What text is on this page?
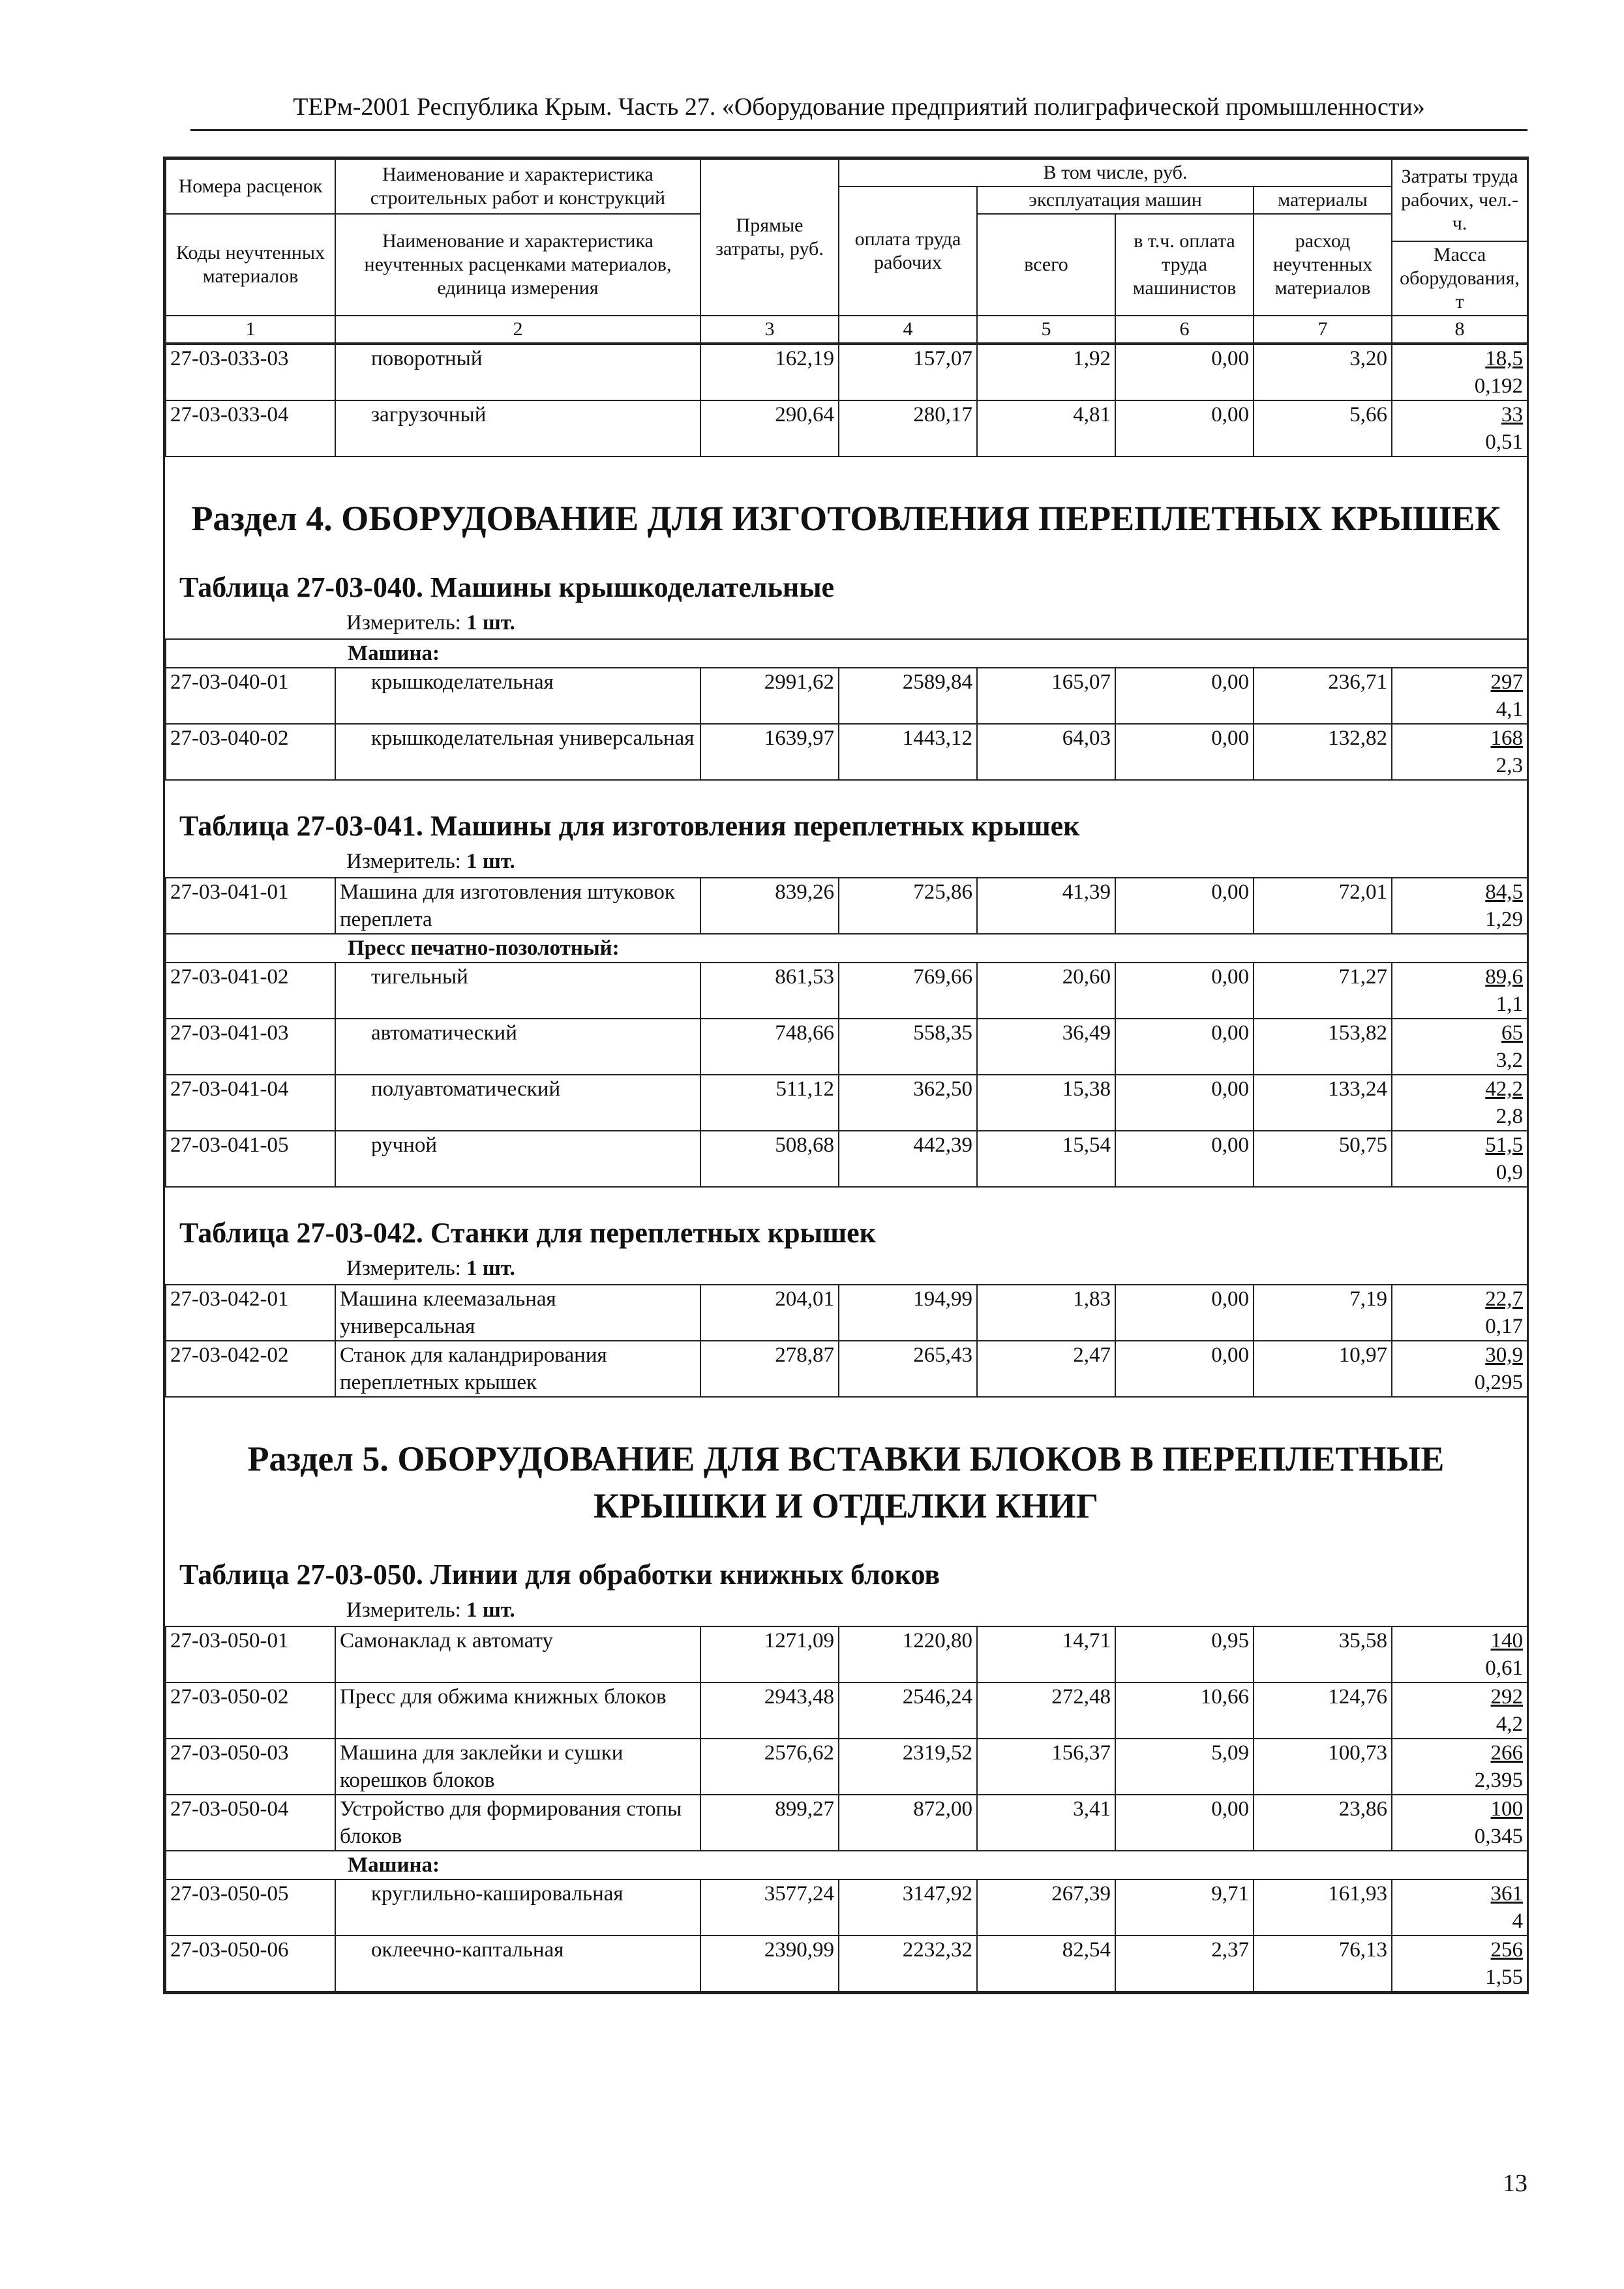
ТЕРм-2001 Республика Крым. Часть 27. «Оборудование предприятий полиграфической промышленности»
Номера расценок	Наименование и характеристика строительных работ и конструкций	Прямые затраты, руб.	В том числе, руб.				Затраты труда рабочих, чел.-ч.
			оплата труда рабочих	эксплуатация машин		материалы	
Коды неучтенных материалов	Наименование и характеристика неучтенных расценками материалов, единица измерения			всего	в т.ч. оплата труда машинистов	расход неучтенных материалов	
							Масса оборудования, т
1	2	3	4	5	6	7	8
27-03-033-03	поворотный	162,19	157,07	1,92	0,00	3,20	18,5
0,192

27-03-033-04	загрузочный	290,64	280,17	4,81	0,00	5,66	33
0,51
Раздел 4. ОБОРУДОВАНИЕ ДЛЯ ИЗГОТОВЛЕНИЯ ПЕРЕПЛЕТНЫХ КРЫШЕК
Таблица 27-03-040. Машины крышкоделательные
Измеритель: 1 шт.
Машина:							
27-03-040-01	крышкоделательная	2991,62	2589,84	165,07	0,00	236,71	297
4,1

27-03-040-02	крышкоделательная универсальная	1639,97	1443,12	64,03	0,00	132,82	168
2,3
Таблица 27-03-041. Машины для изготовления переплетных крышек
Измеритель: 1 шт.
27-03-041-01	Машина для изготовления штуковок переплета	839,26	725,86	41,39	0,00	72,01	84,5
1,29

Пресс печатно-позолотный:							
27-03-041-02	тигельный	861,53	769,66	20,60	0,00	71,27	89,6
1,1

27-03-041-03	автоматический	748,66	558,35	36,49	0,00	153,82	65
3,2

27-03-041-04	полуавтоматический	511,12	362,50	15,38	0,00	133,24	42,2
2,8

27-03-041-05	ручной	508,68	442,39	15,54	0,00	50,75	51,5
0,9
Таблица 27-03-042. Станки для переплетных крышек
Измеритель: 1 шт.
27-03-042-01	Машина клеемазальная универсальная	204,01	194,99	1,83	0,00	7,19	22,7
0,17

27-03-042-02	Станок для каландрирования переплетных крышек	278,87	265,43	2,47	0,00	10,97	30,9
0,295
Раздел 5. ОБОРУДОВАНИЕ ДЛЯ ВСТАВКИ БЛОКОВ В ПЕРЕПЛЕТНЫЕ КРЫШКИ И ОТДЕЛКИ КНИГ
Таблица 27-03-050. Линии для обработки книжных блоков
Измеритель: 1 шт.
27-03-050-01	Самонаклад к автомату	1271,09	1220,80	14,71	0,95	35,58	140
0,61

27-03-050-02	Пресс для обжима книжных блоков	2943,48	2546,24	272,48	10,66	124,76	292
4,2

27-03-050-03	Машина для заклейки и сушки корешков блоков	2576,62	2319,52	156,37	5,09	100,73	266
2,395

27-03-050-04	Устройство для формирования стопы блоков	899,27	872,00	3,41	0,00	23,86	100
0,345

Машина:							
27-03-050-05	круглильно-кашировальная	3577,24	3147,92	267,39	9,71	161,93	361
4

27-03-050-06	оклеечно-каптальная	2390,99	2232,32	82,54	2,37	76,13	256
1,55
13
